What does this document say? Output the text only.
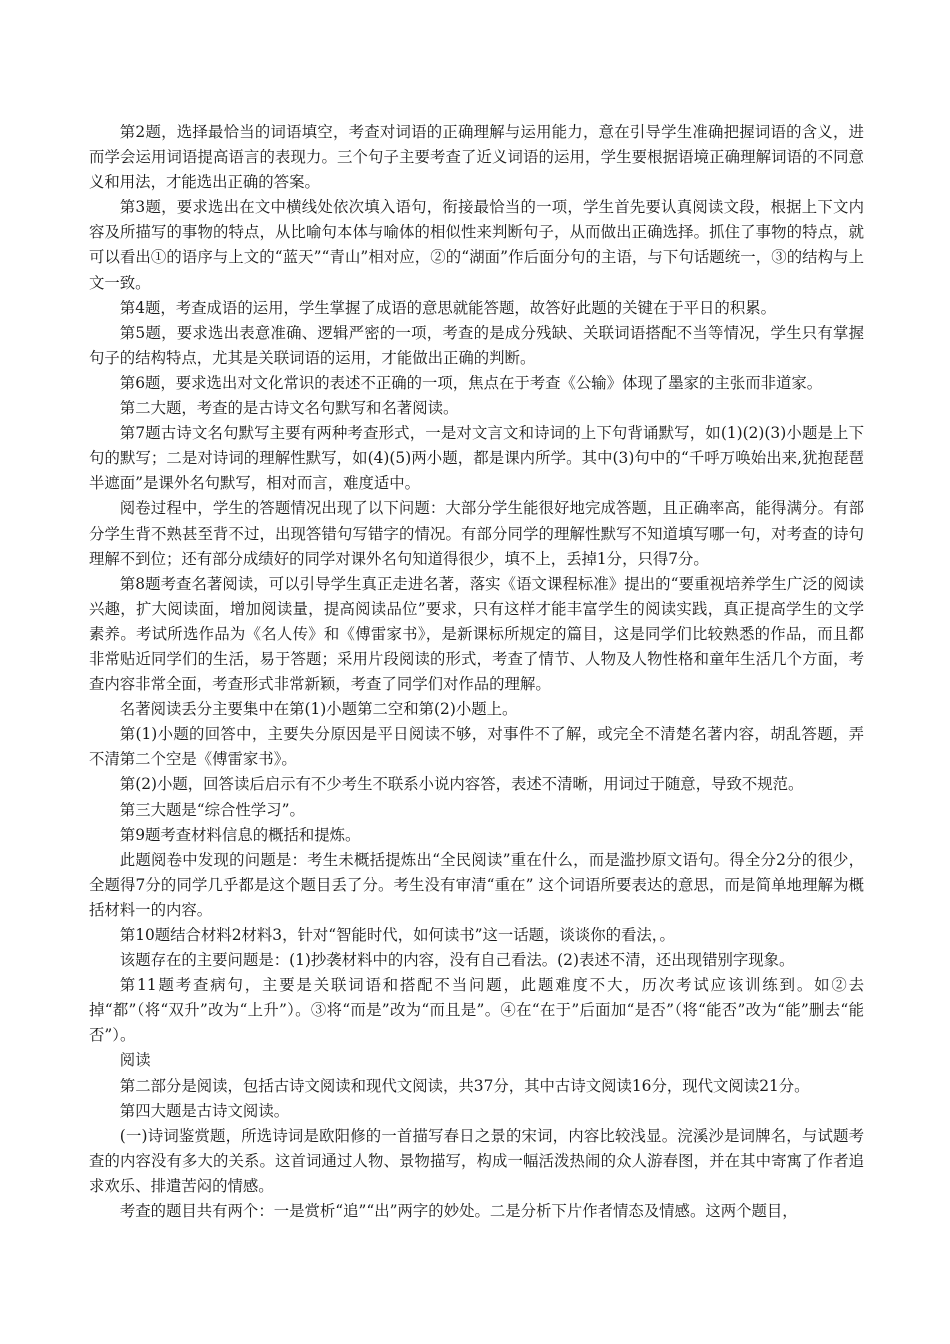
第2题，选择最恰当的词语填空，考查对词语的正确理解与运用能力，意在引导学生准确把握词语的含义，进而学会运用词语提高语言的表现力。三个句子主要考查了近义词语的运用，学生要根据语境正确理解词语的不同意义和用法，才能选出正确的答案。

第3题，要求选出在文中横线处依次填入语句，衔接最恰当的一项，学生首先要认真阅读文段，根据上下文内容及所描写的事物的特点，从比喻句本体与喻体的相似性来判断句子，从而做出正确选择。抓住了事物的特点，就可以看出①的语序与上文的“蓝天”“青山”相对应，②的“湖面”作后面分句的主语，与下句话题统一，③的结构与上文一致。

第4题，考查成语的运用，学生掌握了成语的意思就能答题，故答好此题的关键在于平日的积累。

第5题，要求选出表意准确、逻辑严密的一项，考查的是成分残缺、关联词语搭配不当等情况，学生只有掌握句子的结构特点，尤其是关联词语的运用，才能做出正确的判断。

第6题，要求选出对文化常识的表述不正确的一项，焦点在于考查《公输》体现了墨家的主张而非道家。

第二大题，考查的是古诗文名句默写和名著阅读。

第7题古诗文名句默写主要有两种考查形式，一是对文言文和诗词的上下句背诵默写，如(1)(2)(3)小题是上下句的默写；二是对诗词的理解性默写，如(4)(5)两小题，都是课内所学。其中(3)句中的“千呼万唤始出来,犹抱琵琶半遮面”是课外名句默写，相对而言，难度适中。

阅卷过程中，学生的答题情况出现了以下问题：大部分学生能很好地完成答题，且正确率高，能得满分。有部分学生背不熟甚至背不过，出现答错句写错字的情况。有部分同学的理解性默写不知道填写哪一句，对考查的诗句理解不到位；还有部分成绩好的同学对课外名句知道得很少，填不上，丢掉1分，只得7分。

第8题考查名著阅读，可以引导学生真正走进名著，落实《语文课程标准》提出的“要重视培养学生广泛的阅读兴趣，扩大阅读面，增加阅读量，提高阅读品位”要求，只有这样才能丰富学生的阅读实践，真正提高学生的文学素养。考试所选作品为《名人传》和《傅雷家书》，是新课标所规定的篇目，这是同学们比较熟悉的作品，而且都非常贴近同学们的生活，易于答题；采用片段阅读的形式，考查了情节、人物及人物性格和童年生活几个方面，考查内容非常全面，考查形式非常新颖，考查了同学们对作品的理解。

名著阅读丢分主要集中在第(1)小题第二空和第(2)小题上。

第(1)小题的回答中，主要失分原因是平日阅读不够，对事件不了解，或完全不清楚名著内容，胡乱答题，弄不清第二个空是《傅雷家书》。

第(2)小题，回答读后启示有不少考生不联系小说内容答，表述不清晰，用词过于随意，导致不规范。

第三大题是“综合性学习”。

第9题考查材料信息的概括和提炼。

此题阅卷中发现的问题是：考生未概括提炼出“全民阅读”重在什么，而是滥抄原文语句。得全分2分的很少，全题得7分的同学几乎都是这个题目丢了分。考生没有审清“重在” 这个词语所要表达的意思，而是简单地理解为概括材料一的内容。

第10题结合材料2材料3，针对“智能时代，如何读书”这一话题，谈谈你的看法，。

该题存在的主要问题是：(1)抄袭材料中的内容，没有自己看法。(2)表述不清，还出现错别字现象。

第11题考查病句，主要是关联词语和搭配不当问题，此题难度不大，历次考试应该训练到。如②去掉“都”（将“双升”改为“上升”）。③将“而是”改为“而且是”。④在“在于”后面加“是否”（将“能否”改为“能”删去“能否”）。

阅读

第二部分是阅读，包括古诗文阅读和现代文阅读，共37分，其中古诗文阅读16分，现代文阅读21分。

第四大题是古诗文阅读。

(一)诗词鉴赏题，所选诗词是欧阳修的一首描写春日之景的宋词，内容比较浅显。浣溪沙是词牌名，与试题考查的内容没有多大的关系。这首词通过人物、景物描写，构成一幅活泼热闹的众人游春图，并在其中寄寓了作者追求欢乐、排遣苦闷的情感。

考查的题目共有两个：一是赏析“追”“出”两字的妙处。二是分析下片作者情态及情感。这两个题目，
